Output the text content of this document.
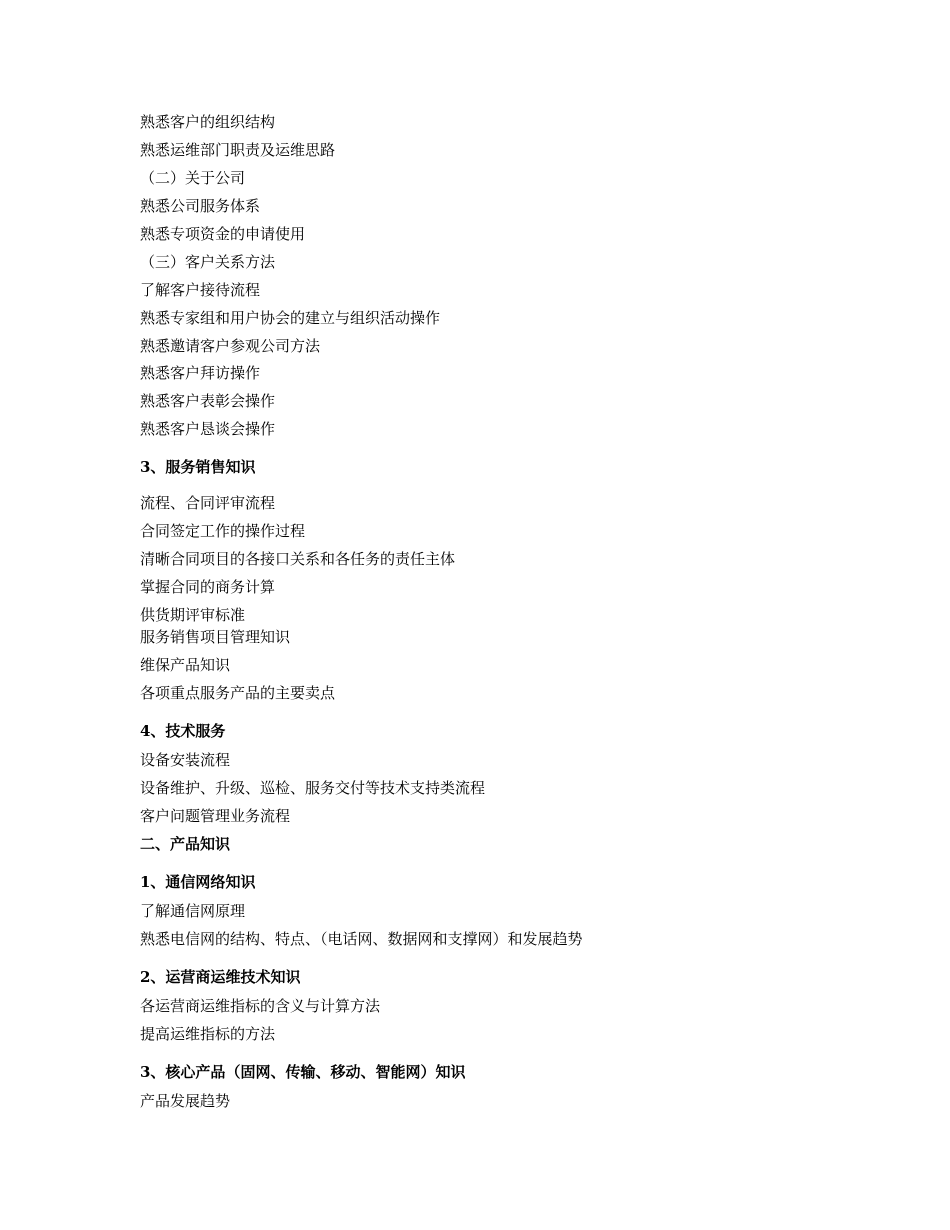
熟悉客户的组织结构
熟悉运维部门职责及运维思路
（二）关于公司
熟悉公司服务体系
熟悉专项资金的申请使用
（三）客户关系方法
了解客户接待流程
熟悉专家组和用户协会的建立与组织活动操作
熟悉邀请客户参观公司方法
熟悉客户拜访操作
熟悉客户表彰会操作
熟悉客户恳谈会操作
3、服务销售知识
流程、合同评审流程
合同签定工作的操作过程
清晰合同项目的各接口关系和各任务的责任主体
掌握合同的商务计算
供货期评审标准
服务销售项目管理知识
维保产品知识
各项重点服务产品的主要卖点
4、技术服务
设备安装流程
设备维护、升级、巡检、服务交付等技术支持类流程
客户问题管理业务流程
二、产品知识
1、通信网络知识
了解通信网原理
熟悉电信网的结构、特点、（电话网、数据网和支撑网）和发展趋势
2、运营商运维技术知识
各运营商运维指标的含义与计算方法
提高运维指标的方法
3、核心产品（固网、传输、移动、智能网）知识
产品发展趋势
